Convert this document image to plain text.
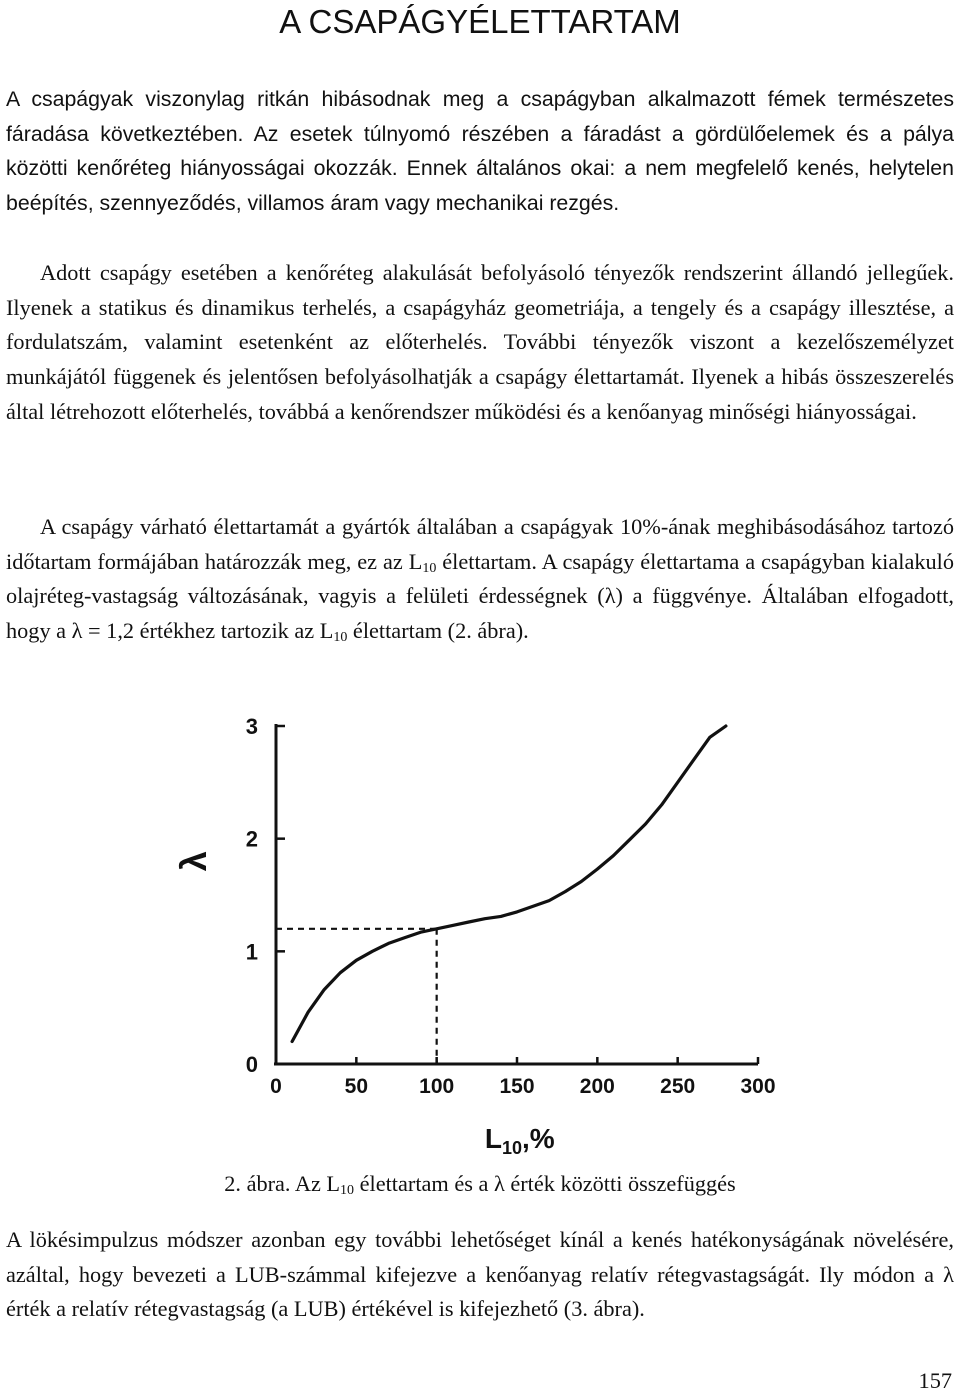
A CSAPÁGYÉLETTARTAM

A csapágyak viszonylag ritkán hibásodnak meg a csapágyban alkalmazott fémek természetes fáradása következtében. Az esetek túlnyomó részében a fáradást a gördülőelemek és a pálya közötti kenőréteg hiányosságai okozzák. Ennek általános okai: a nem megfelelő kenés, helytelen beépítés, szennyeződés, villamos áram vagy mechanikai rezgés.

Adott csapágy esetében a kenőréteg alakulását befolyásoló tényezők rendszerint állandó jellegűek. Ilyenek a statikus és dinamikus terhelés, a csapágyház geometriája, a tengely és a csapágy illesztése, a fordulatszám, valamint esetenként az előterhelés. További tényezők viszont a kezelőszemélyzet munkájától függenek és jelentősen befolyásolhatják a csapágy élettartamát. Ilyenek a hibás összeszerelés által létrehozott előterhelés, továbbá a kenőrendszer működési és a kenőanyag minőségi hiányosságai.

A csapágy várható élettartamát a gyártók általában a csapágyak 10%-ának meghibásodásához tartozó időtartam formájában határozzák meg, ez az $L_{10}$ élettartam. A csapágy élettartama a csapágyban kialakuló olajréteg-vastagság változásának, vagyis a felületi érdességnek (λ) a függvénye. Általában elfogadott, hogy a λ = 1,2 értékhez tartozik az $L_{10}$ élettartam (2. ábra).

0	50 100 150 200 250 300
0
1
2
3
λ
$L_{10},\%$

2. ábra. Az $L_{10}$ élettartam és a λ érték közötti összefüggés

A lökésimpulzus módszer azonban egy további lehetőséget kínál a kenés hatékonyságának növelésére, azáltal, hogy bevezeti a LUB-számmal kifejezve a kenőanyag relatív rétegvastagságát. Ily módon a λ érték a relatív rétegvastagság (a LUB) értékével is kifejezhető (3. ábra).

157
